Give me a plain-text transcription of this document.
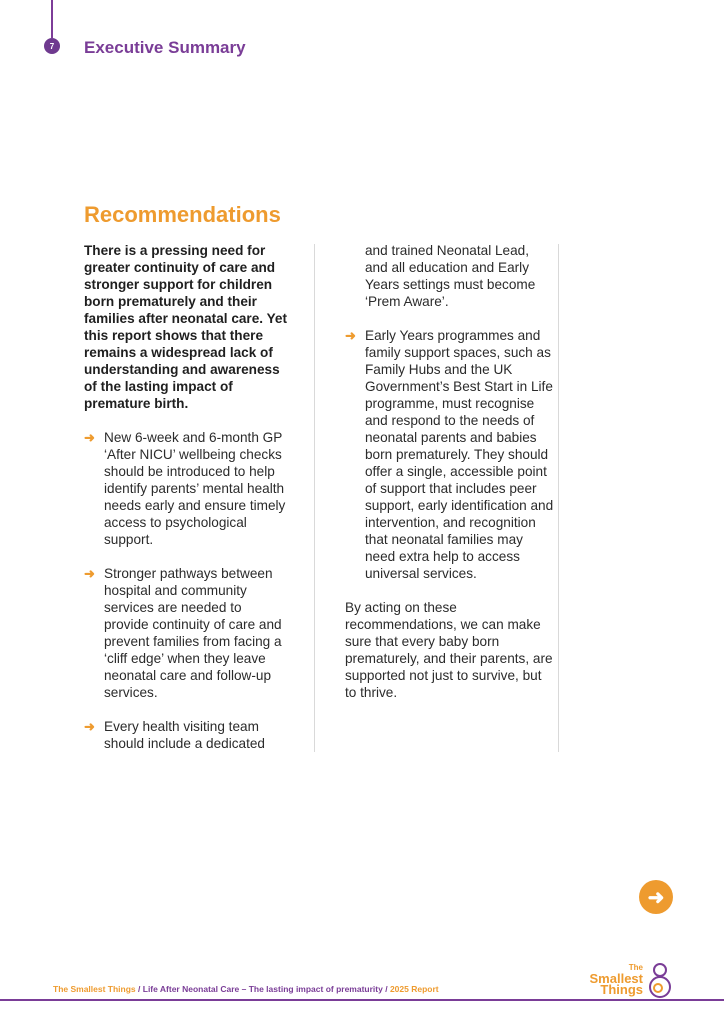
7	Executive Summary
Recommendations

There is a pressing need for greater continuity of care and stronger support for children born prematurely and their families after neonatal care. Yet this report shows that there remains a widespread lack of understanding and awareness of the lasting impact of premature birth.

➜ New 6-week and 6-month GP ‘After NICU’ wellbeing checks should be introduced to help identify parents’ mental health needs early and ensure timely access to psychological support.
➜ Stronger pathways between hospital and community services are needed to provide continuity of care and prevent families from facing a ‘cliff edge’ when they leave neonatal care and follow-up services.
➜ Every health visiting team should include a dedicated
and trained Neonatal Lead, and all education and Early Years settings must become ‘Prem Aware’.
➜ Early Years programmes and family support spaces, such as Family Hubs and the UK Government’s Best Start in Life programme, must recognise and respond to the needs of neonatal parents and babies born prematurely. They should offer a single, accessible point of support that includes peer support, early identification and intervention, and recognition that neonatal families may need extra help to access universal services.

By acting on these recommendations, we can make sure that every baby born prematurely, and their parents, are supported not just to survive, but to thrive.

➜
The Smallest Things / Life After Neonatal Care – The lasting impact of prematurity / 2025 Report
The
Smallest
Things
